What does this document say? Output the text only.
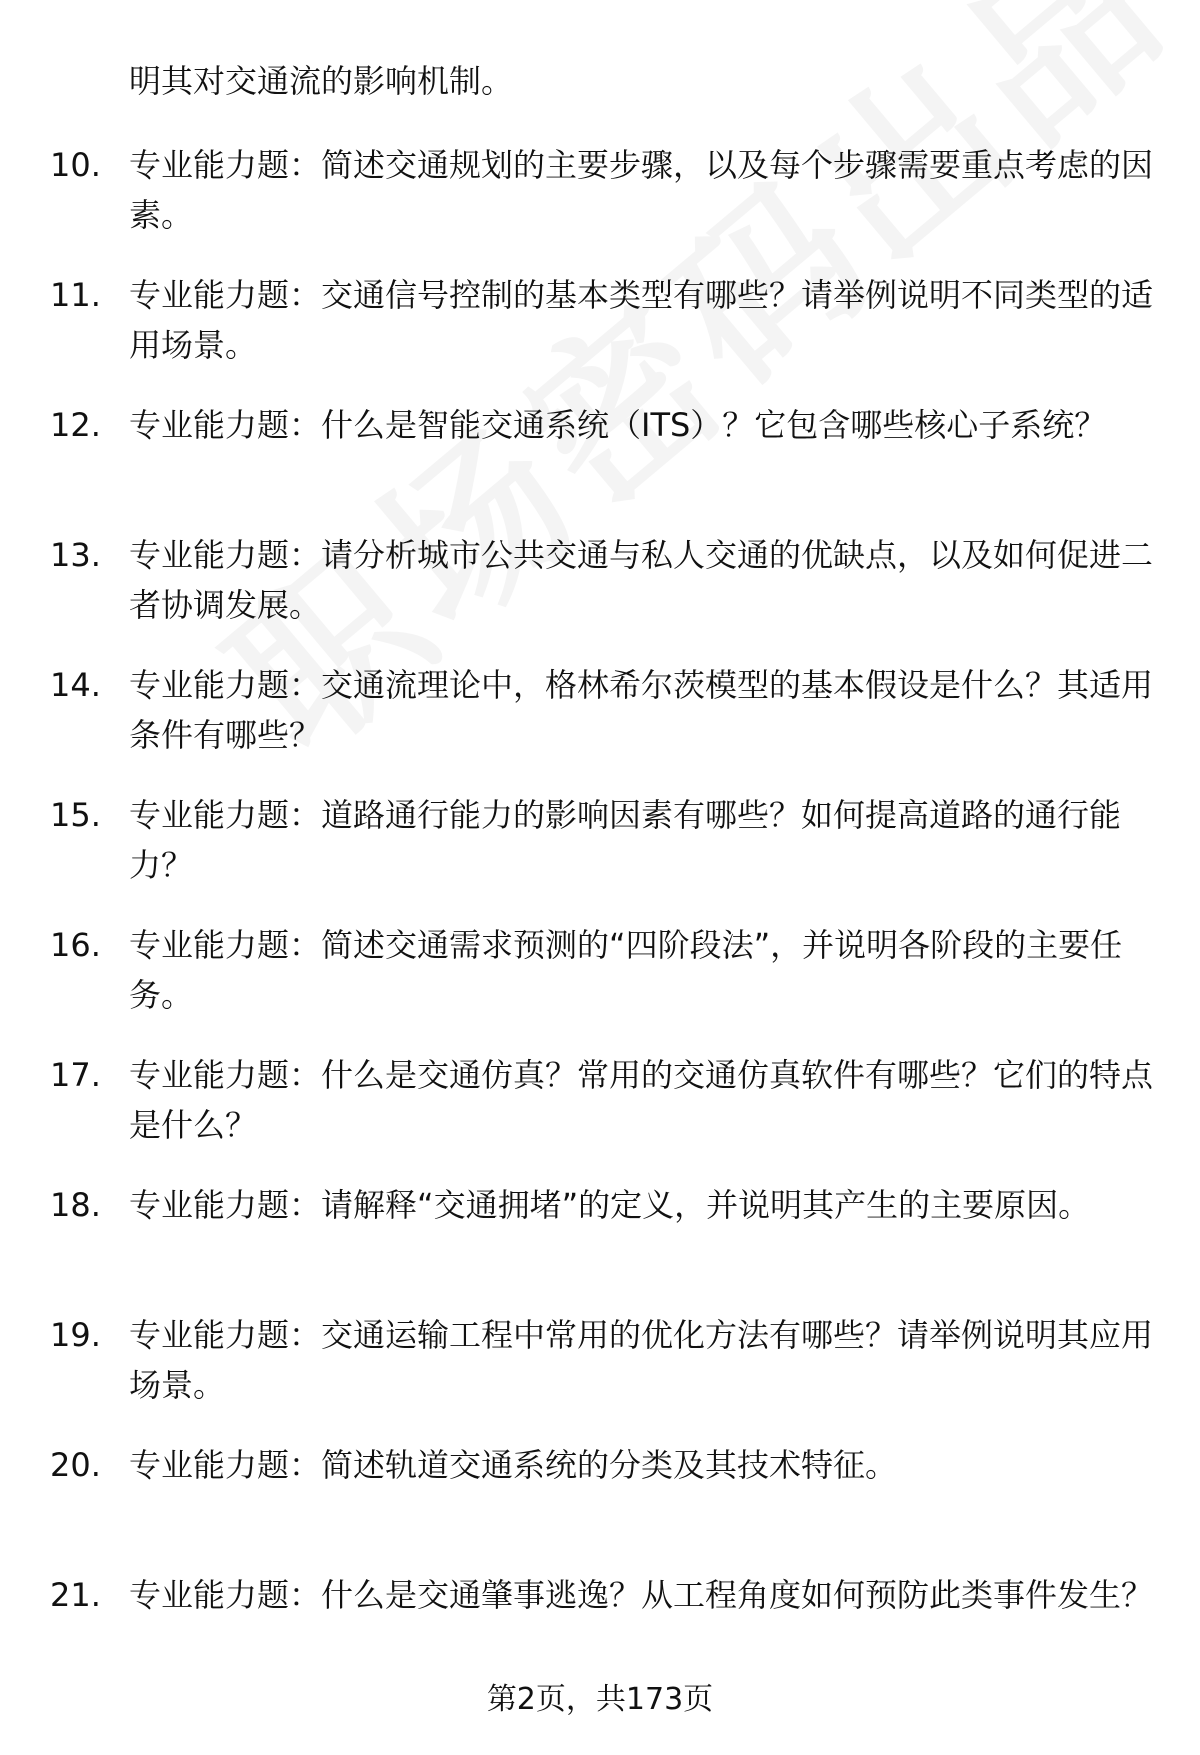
明其对交通流的影响机制。
10. 专业能力题：简述交通规划的主要步骤，以及每个步骤需要重点考虑的因素。
11. 专业能力题：交通信号控制的基本类型有哪些？请举例说明不同类型的适用场景。
12. 专业能力题：什么是智能交通系统（ITS）？它包含哪些核心子系统？
13. 专业能力题：请分析城市公共交通与私人交通的优缺点，以及如何促进二者协调发展。
14. 专业能力题：交通流理论中，格林希尔茨模型的基本假设是什么？其适用条件有哪些？
15. 专业能力题：道路通行能力的影响因素有哪些？如何提高道路的通行能力？
16. 专业能力题：简述交通需求预测的“四阶段法”，并说明各阶段的主要任务。
17. 专业能力题：什么是交通仿真？常用的交通仿真软件有哪些？它们的特点是什么？
18. 专业能力题：请解释“交通拥堵”的定义，并说明其产生的主要原因。
19. 专业能力题：交通运输工程中常用的优化方法有哪些？请举例说明其应用场景。
20. 专业能力题：简述轨道交通系统的分类及其技术特征。
21. 专业能力题：什么是交通肇事逃逸？从工程角度如何预防此类事件发生？
第2页，共173页
